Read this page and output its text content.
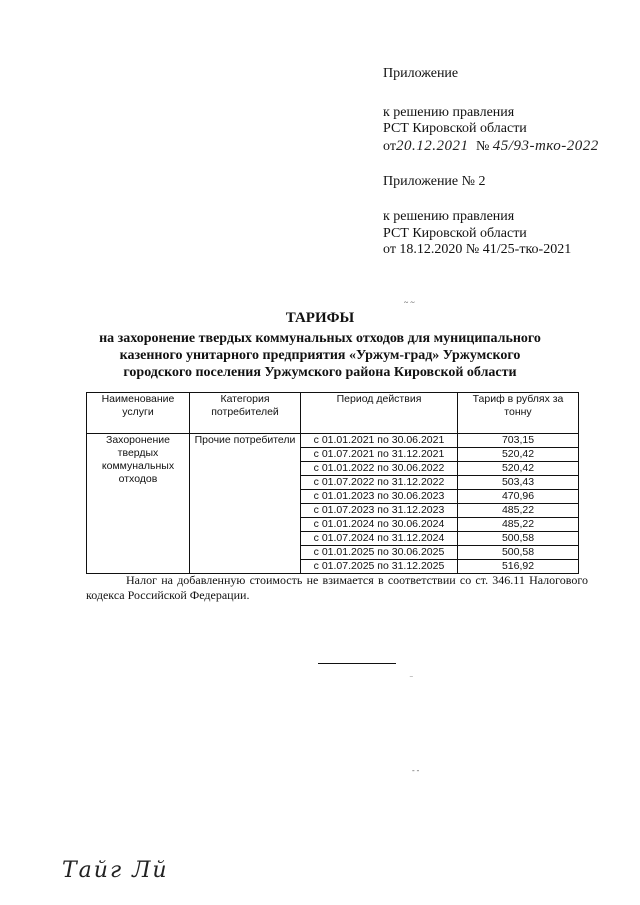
Приложение
к решению правления
РСТ Кировской области
от20.12.2021 № 45/93-тко-2022
Приложение № 2
к решению правления
РСТ Кировской области
от 18.12.2020 № 41/25-тко-2021
~ ~
ТАРИФЫ
на захоронение твердых коммунальных отходов для муниципального
казенного унитарного предприятия «Уржум-град» Уржумского
городского поселения Уржумского района Кировской области
Наименование услуги	Категория потребителей	Период действия	Тариф в рублях за тонну
Захоронение твердых коммунальных отходов	Прочие потребители	с 01.01.2021 по 30.06.2021	703,15
		с 01.07.2021 по 31.12.2021	520,42
		с 01.01.2022 по 30.06.2022	520,42
		с 01.07.2022 по 31.12.2022	503,43
		с 01.01.2023 по 30.06.2023	470,96
		с 01.07.2023 по 31.12.2023	485,22
		с 01.01.2024 по 30.06.2024	485,22
		с 01.07.2024 по 31.12.2024	500,58
		с 01.01.2025 по 30.06.2025	500,58
		с 01.07.2025 по 31.12.2025	516,92
Налог на добавленную стоимость не взимается в соответствии со ст. 346.11 Налогового кодекса Российской Федерации.
‾
- -
Тайг Лй
